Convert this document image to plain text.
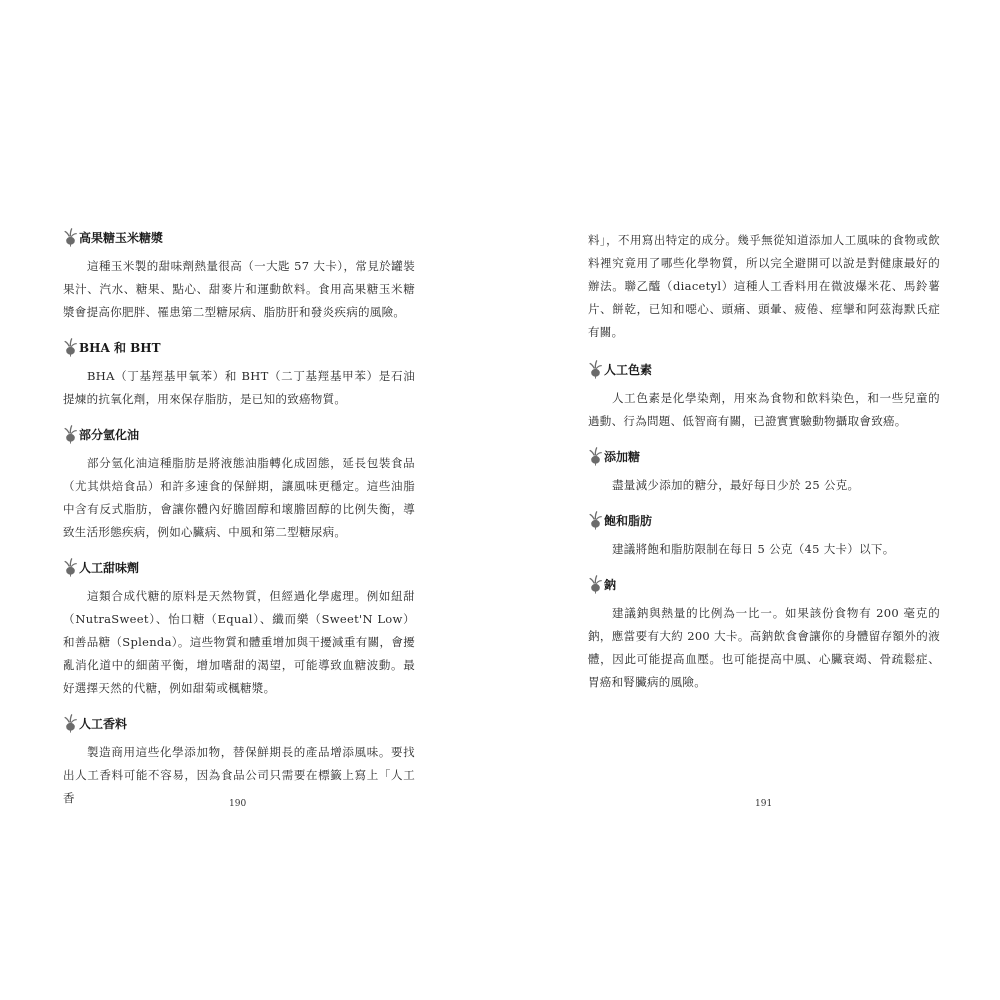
高果糖玉米糖漿

這種玉米製的甜味劑熱量很高（一大匙 57 大卡），常見於罐裝果汁、汽水、糖果、點心、甜麥片和運動飲料。食用高果糖玉米糖漿會提高你肥胖、罹患第二型糖尿病、脂肪肝和發炎疾病的風險。

BHA 和 BHT

BHA（丁基羥基甲氧苯）和 BHT（二丁基羥基甲苯）是石油提煉的抗氧化劑，用來保存脂肪，是已知的致癌物質。

部分氫化油

部分氫化油這種脂肪是將液態油脂轉化成固態，延長包裝食品（尤其烘焙食品）和許多速食的保鮮期，讓風味更穩定。這些油脂中含有反式脂肪，會讓你體內好膽固醇和壞膽固醇的比例失衡，導致生活形態疾病，例如心臟病、中風和第二型糖尿病。

人工甜味劑

這類合成代糖的原料是天然物質，但經過化學處理。例如紐甜（NutraSweet）、怡口糖（Equal）、纖而樂（Sweet'N Low）和善品糖（Splenda）。這些物質和體重增加與干擾減重有關，會擾亂消化道中的細菌平衡，增加嗜甜的渴望，可能導致血糖波動。最好選擇天然的代糖，例如甜菊或楓糖漿。

人工香料

製造商用這些化學添加物，替保鮮期長的產品增添風味。要找出人工香料可能不容易，因為食品公司只需要在標籤上寫上「人工香	190

料」，不用寫出特定的成分。幾乎無從知道添加人工風味的食物或飲料裡究竟用了哪些化學物質，所以完全避開可以說是對健康最好的辦法。聯乙醯（diacetyl）這種人工香料用在微波爆米花、馬鈴薯片、餅乾，已知和噁心、頭痛、頭暈、疲倦、痙攣和阿茲海默氏症有關。

人工色素

人工色素是化學染劑，用來為食物和飲料染色，和一些兒童的過動、行為問題、低智商有關，已證實實驗動物攝取會致癌。

添加糖

盡量減少添加的糖分，最好每日少於 25 公克。

飽和脂肪

建議將飽和脂肪限制在每日 5 公克（45 大卡）以下。

鈉

建議鈉與熱量的比例為一比一。如果該份食物有 200 毫克的鈉，應當要有大約 200 大卡。高鈉飲食會讓你的身體留存額外的液體，因此可能提高血壓。也可能提高中風、心臟衰竭、骨疏鬆症、胃癌和腎臟病的風險。

191
